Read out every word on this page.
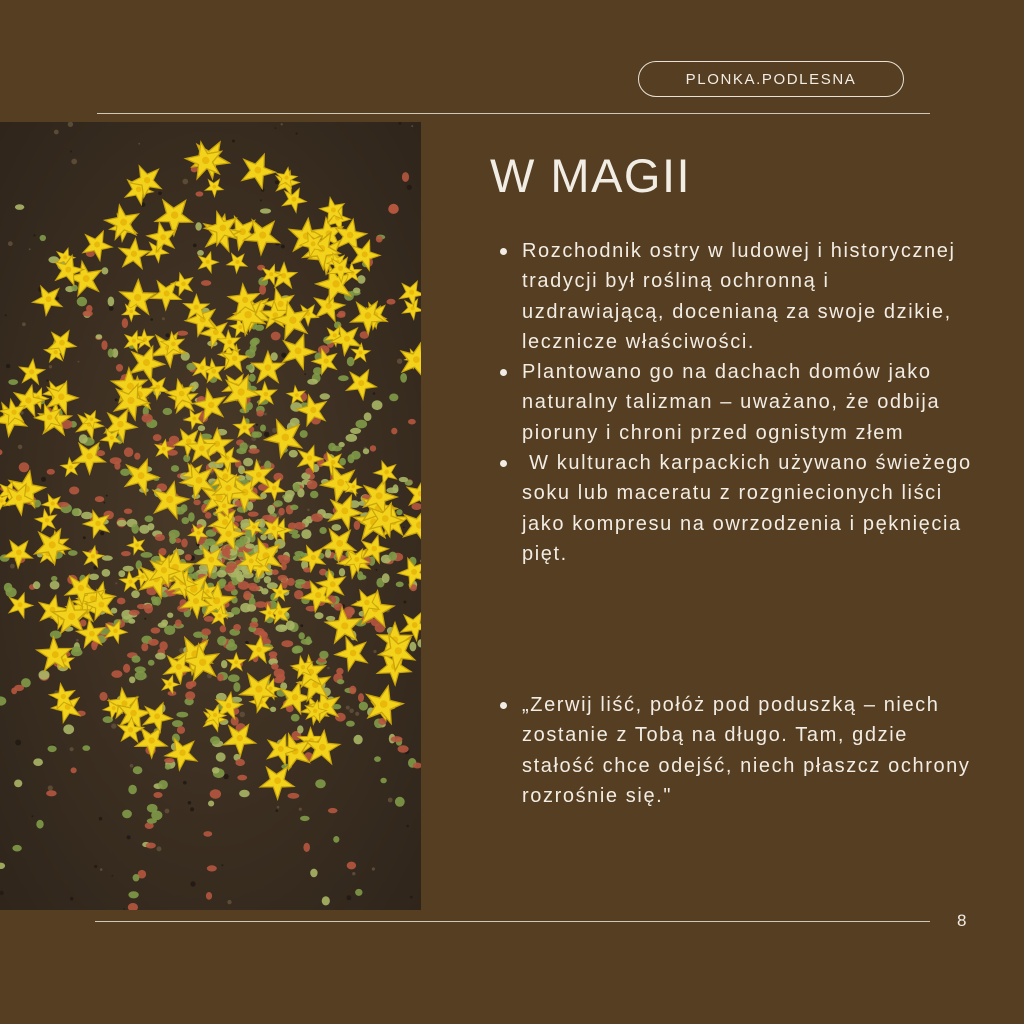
PLONKA.PODLESNA
W MAGII
Rozchodnik ostry w ludowej i historycznej tradycji był rośliną ochronną i uzdrawiającą, docenianą za swoje dzikie, lecznicze właściwości.
Plantowano go na dachach domów jako naturalny talizman – uważano, że odbija pioruny i chroni przed ognistym złem
W kulturach karpackich używano świeżego soku lub maceratu z rozgniecionych liści jako kompresu na owrzodzenia i pęknięcia pięt.
„Zerwij liść, połóż pod poduszką – niech zostanie z Tobą na długo. Tam, gdzie stałość chce odejść, niech płaszcz ochrony rozrośnie się."
8
